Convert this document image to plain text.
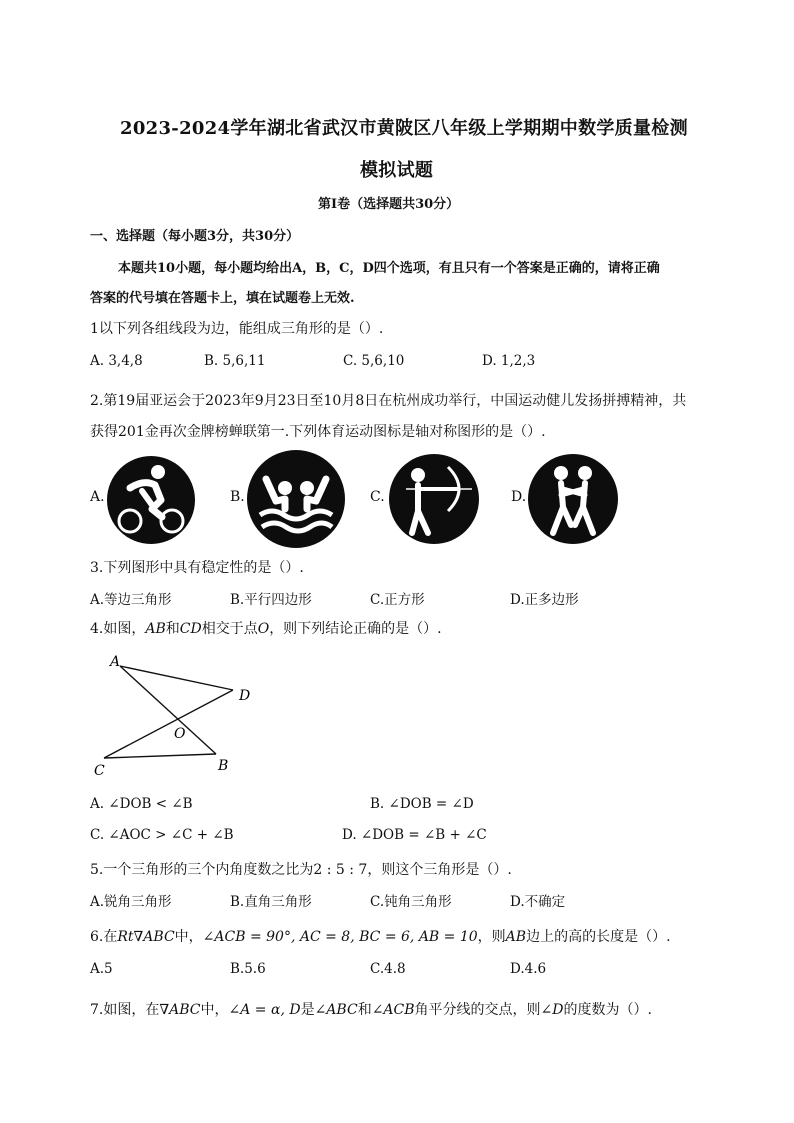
2023-2024学年湖北省武汉市黄陂区八年级上学期期中数学质量检测
模拟试题
第I卷（选择题共30分）
一、选择题（每小题3分，共30分）
本题共10小题，每小题均给出A，B，C，D四个选项，有且只有一个答案是正确的，请将正确
答案的代号填在答题卡上，填在试题卷上无效.
1以下列各组线段为边，能组成三角形的是（）.
A. 3,4,8	B. 5,6,11	C. 5,6,10	D. 1,2,3
2.第19届亚运会于2023年9月23日至10月8日在杭州成功举行，中国运动健儿发扬拼搏精神，共
获得201金再次金牌榜蝉联第一.下列体育运动图标是轴对称图形的是（）.
A.	B.	C.	D.
3.下列图形中具有稳定性的是（）.
A.等边三角形	B.平行四边形	C.正方形	D.正多边形
4.如图，AB和CD相交于点O，则下列结论正确的是（）.
A
D
O
C	B
A. ∠DOB < ∠B	B. ∠DOB = ∠D
C. ∠AOC > ∠C + ∠B	D. ∠DOB = ∠B + ∠C
5.一个三角形的三个内角度数之比为2 : 5 : 7，则这个三角形是（）.
A.锐角三角形	B.直角三角形	C.钝角三角形	D.不确定
6.在Rt∇ABC中，∠ACB = 90°, AC = 8, BC = 6, AB = 10，则AB边上的高的长度是（）.
A.5	B.5.6	C.4.8	D.4.6
7.如图，在∇ABC中，∠A = α, D是∠ABC和∠ACB角平分线的交点，则∠D的度数为（）.
